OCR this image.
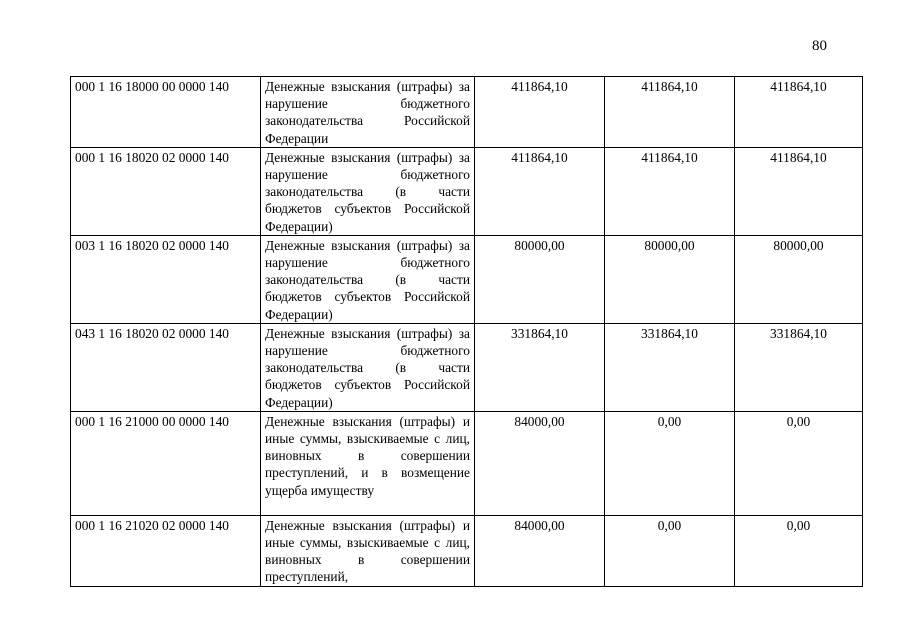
80
000 1 16 18000 00 0000 140	Денежные взыскания (штрафы) за нарушение бюджетного законодательства Российской Федерации	411864,10	411864,10	411864,10
000 1 16 18020 02 0000 140	Денежные взыскания (штрафы) за нарушение бюджетного законодательства (в части бюджетов субъектов Российской Федерации)	411864,10	411864,10	411864,10
003 1 16 18020 02 0000 140	Денежные взыскания (штрафы) за нарушение бюджетного законодательства (в части бюджетов субъектов Российской Федерации)	80000,00	80000,00	80000,00
043 1 16 18020 02 0000 140	Денежные взыскания (штрафы) за нарушение бюджетного законодательства (в части бюджетов субъектов Российской Федерации)	331864,10	331864,10	331864,10
000 1 16 21000 00 0000 140	Денежные взыскания (штрафы) и иные суммы, взыскиваемые с лиц, виновных в совершении преступлений, и в возмещение ущерба имуществу	84000,00	0,00	0,00
000 1 16 21020 02 0000 140	Денежные взыскания (штрафы) и иные суммы, взыскиваемые с лиц, виновных в совершении преступлений,	84000,00	0,00	0,00
